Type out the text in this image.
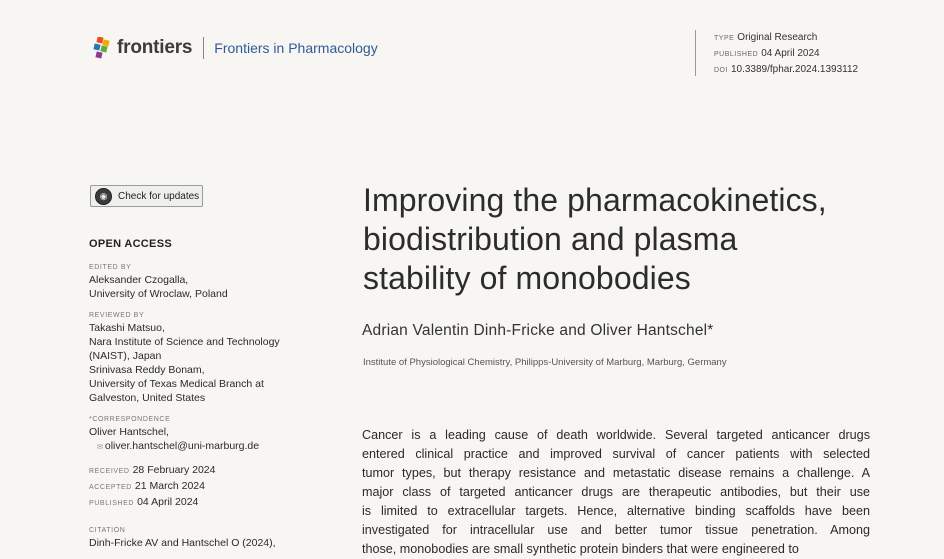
frontiers Frontiers in Pharmacology
TYPE Original Research
PUBLISHED 04 April 2024
DOI 10.3389/fphar.2024.1393112
◉ Check for updates
OPEN ACCESS
EDITED BY
Aleksander Czogalla,
University of Wroclaw, Poland
REVIEWED BY
Takashi Matsuo,
Nara Institute of Science and Technology
(NAIST), Japan
Srinivasa Reddy Bonam,
University of Texas Medical Branch at
Galveston, United States
*CORRESPONDENCE
Oliver Hantschel,
✉ oliver.hantschel@uni-marburg.de
RECEIVED 28 February 2024
ACCEPTED 21 March 2024
PUBLISHED 04 April 2024
CITATION
Dinh-Fricke AV and Hantschel O (2024),
Improving the pharmacokinetics,
biodistribution and plasma
stability of monobodies
Adrian Valentin Dinh-Fricke and Oliver Hantschel*
Institute of Physiological Chemistry, Philipps-University of Marburg, Marburg, Germany
Cancer is a leading cause of death worldwide. Several targeted anticancer drugs
entered clinical practice and improved survival of cancer patients with selected
tumor types, but therapy resistance and metastatic disease remains a challenge. A
major class of targeted anticancer drugs are therapeutic antibodies, but their use
is limited to extracellular targets. Hence, alternative binding scaffolds have been
investigated for intracellular use and better tumor tissue penetration. Among
those, monobodies are small synthetic protein binders that were engineered to
